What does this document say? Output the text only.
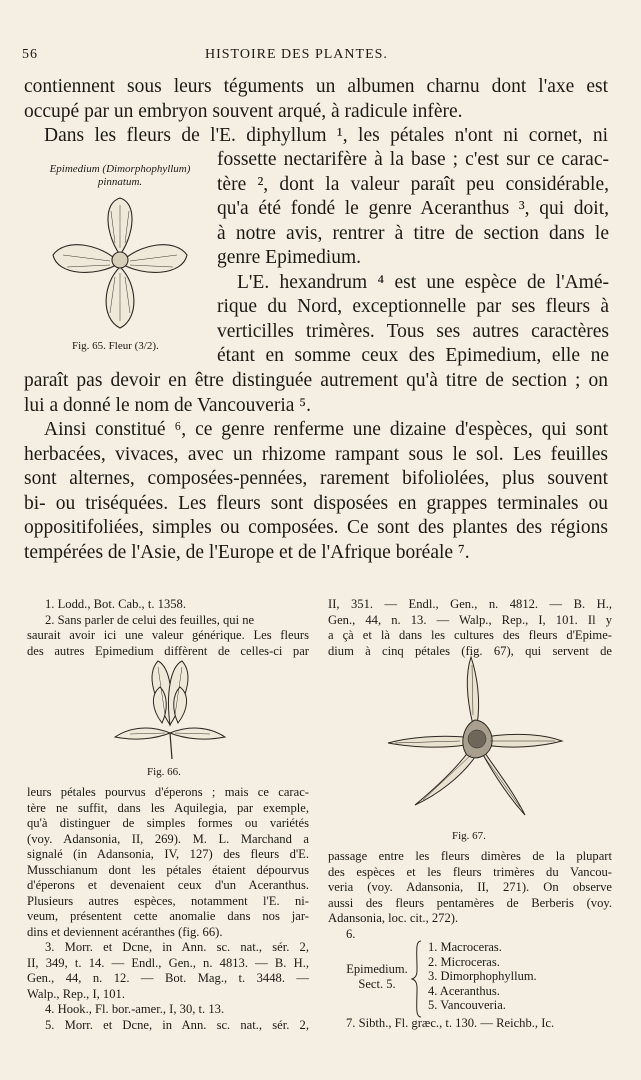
56	HISTOIRE DES PLANTES.
contiennent sous leurs téguments un albumen charnu dont l'axe est
occupé par un embryon souvent arqué, à radicule infère.
Dans les fleurs de l'E. diphyllum ¹, les pétales n'ont ni cornet, ni
Epimedium (Dimorphophyllum)
pinnatum.
Fig. 65. Fleur (3/2).
fossette nectarifère à la base ; c'est sur ce carac-
tère ², dont la valeur paraît peu considérable,
qu'a été fondé le genre Aceranthus ³, qui doit,
à notre avis, rentrer à titre de section dans le
genre Epimedium.
L'E. hexandrum ⁴ est une espèce de l'Amé-
rique du Nord, exceptionnelle par ses fleurs à
verticilles trimères. Tous ses autres caractères
étant en somme ceux des Epimedium, elle ne
paraît pas devoir en être distinguée autrement qu'à titre de section ; on
lui a donné le nom de Vancouveria ⁵.
Ainsi constitué ⁶, ce genre renferme une dizaine d'espèces, qui sont
herbacées, vivaces, avec un rhizome rampant sous le sol. Les feuilles
sont alternes, composées-pennées, rarement bifoliolées, plus souvent
bi- ou triséquées. Les fleurs sont disposées en grappes terminales ou
oppositifoliées, simples ou composées. Ce sont des plantes des régions
tempérées de l'Asie, de l'Europe et de l'Afrique boréale ⁷.
1. Lodd., Bot. Cab., t. 1358.
2. Sans parler de celui des feuilles, qui ne
saurait avoir ici une valeur générique. Les fleurs
des autres Epimedium diffèrent de celles-ci par
Fig. 66.
leurs pétales pourvus d'éperons ; mais ce carac-
tère ne suffit, dans les Aquilegia, par exemple,
qu'à distinguer de simples formes ou variétés
(voy. Adansonia, II, 269). M. L. Marchand a
signalé (in Adansonia, IV, 127) des fleurs d'E.
Musschianum dont les pétales étaient dépourvus
d'éperons et devenaient ceux d'un Aceranthus.
Plusieurs autres espèces, notamment l'E. ni-
veum, présentent cette anomalie dans nos jar-
dins et deviennent acéranthes (fig. 66).
3. Morr. et Dcne, in Ann. sc. nat., sér. 2,
II, 349, t. 14. — Endl., Gen., n. 4813. — B. H.,
Gen., 44, n. 12. — Bot. Mag., t. 3448. —
Walp., Rep., I, 101.
4. Hook., Fl. bor.-amer., I, 30, t. 13.
5. Morr. et Dcne, in Ann. sc. nat., sér. 2,
II, 351. — Endl., Gen., n. 4812. — B. H.,
Gen., 44, n. 13. — Walp., Rep., I, 101. Il y
a çà et là dans les cultures des fleurs d'Epime-
dium à cinq pétales (fig. 67), qui servent de
Fig. 67.
passage entre les fleurs dimères de la plupart
des espèces et les fleurs trimères du Vancou-
veria (voy. Adansonia, II, 271). On observe
aussi des fleurs pentamères de Berberis (voy.
Adansonia, loc. cit., 272).
6.
Epimedium.
Sect. 5.
1. Macroceras.
2. Microceras.
3. Dimorphophyllum.
4. Aceranthus.
5. Vancouveria.
7. Sibth., Fl. græc., t. 130. — Reichb., Ic.
